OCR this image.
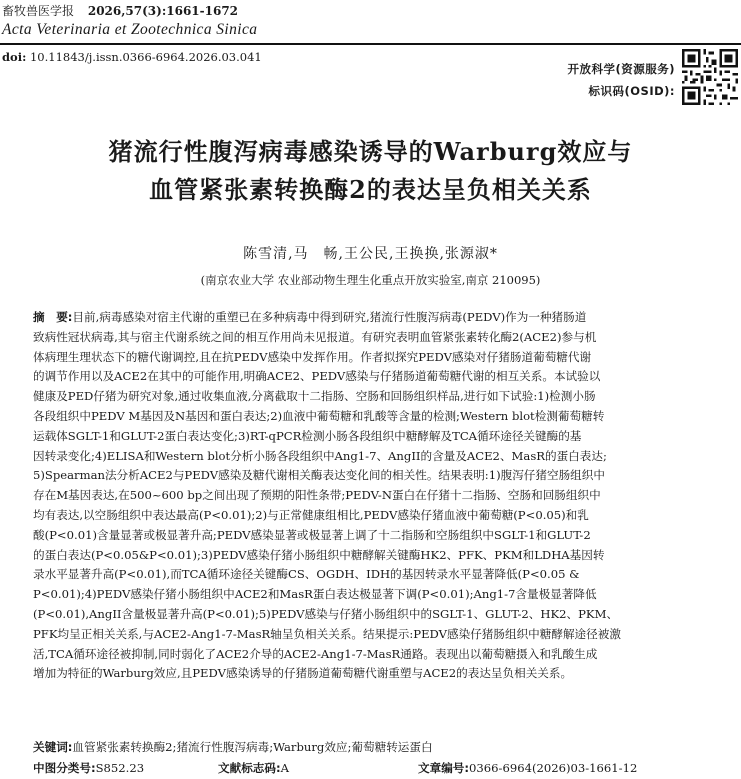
畜牧兽医学报 2026,57(3):1661-1672
Acta Veterinaria et Zootechnica Sinica
doi: 10.11843/j.issn.0366-6964.2026.03.041
开放科学(资源服务)
标识码(OSID):
猪流行性腹泻病毒感染诱导的Warburg效应与
血管紧张素转换酶2的表达呈负相关关系
陈雪清,马　畅,王公民,王换换,张源淑*
(南京农业大学 农业部动物生理生化重点开放实验室,南京 210095)
摘　要:目前,病毒感染对宿主代谢的重塑已在多种病毒中得到研究,猪流行性腹泻病毒(PEDV)作为一种猪肠道
致病性冠状病毒,其与宿主代谢系统之间的相互作用尚未见报道。有研究表明血管紧张素转化酶2(ACE2)参与机
体病理生理状态下的糖代谢调控,且在抗PEDV感染中发挥作用。作者拟探究PEDV感染对仔猪肠道葡萄糖代谢
的调节作用以及ACE2在其中的可能作用,明确ACE2、PEDV感染与仔猪肠道葡萄糖代谢的相互关系。本试验以
健康及PED仔猪为研究对象,通过收集血液,分离截取十二指肠、空肠和回肠组织样品,进行如下试验:1)检测小肠
各段组织中PEDV M基因及N基因和蛋白表达;2)血液中葡萄糖和乳酸等含量的检测;Western blot检测葡萄糖转
运载体SGLT-1和GLUT-2蛋白表达变化;3)RT-qPCR检测小肠各段组织中糖酵解及TCA循环途径关键酶的基
因转录变化;4)ELISA和Western blot分析小肠各段组织中Ang1-7、AngII的含量及ACE2、MasR的蛋白表达;
5)Spearman法分析ACE2与PEDV感染及糖代谢相关酶表达变化间的相关性。结果表明:1)腹泻仔猪空肠组织中
存在M基因表达,在500~600 bp之间出现了预期的阳性条带;PEDV-N蛋白在仔猪十二指肠、空肠和回肠组织中
均有表达,以空肠组织中表达最高(P<0.01);2)与正常健康组相比,PEDV感染仔猪血液中葡萄糖(P<0.05)和乳
酸(P<0.01)含量显著或极显著升高;PEDV感染显著或极显著上调了十二指肠和空肠组织中SGLT-1和GLUT-2
的蛋白表达(P<0.05&P<0.01);3)PEDV感染仔猪小肠组织中糖酵解关键酶HK2、PFK、PKM和LDHA基因转
录水平显著升高(P<0.01),而TCA循环途径关键酶CS、OGDH、IDH的基因转录水平显著降低(P<0.05 &
P<0.01);4)PEDV感染仔猪小肠组织中ACE2和MasR蛋白表达极显著下调(P<0.01);Ang1-7含量极显著降低
(P<0.01),AngII含量极显著升高(P<0.01);5)PEDV感染与仔猪小肠组织中的SGLT-1、GLUT-2、HK2、PKM、
PFK均呈正相关关系,与ACE2-Ang1-7-MasR轴呈负相关关系。结果提示:PEDV感染仔猪肠组织中糖酵解途径被激
活,TCA循环途径被抑制,同时弱化了ACE2介导的ACE2-Ang1-7-MasR通路。表现出以葡萄糖摄入和乳酸生成
增加为特征的Warburg效应,且PEDV感染诱导的仔猪肠道葡萄糖代谢重塑与ACE2的表达呈负相关关系。
关键词:血管紧张素转换酶2;猪流行性腹泻病毒;Warburg效应;葡萄糖转运蛋白
中图分类号:S852.23	文献标志码:A	文章编号:0366-6964(2026)03-1661-12
